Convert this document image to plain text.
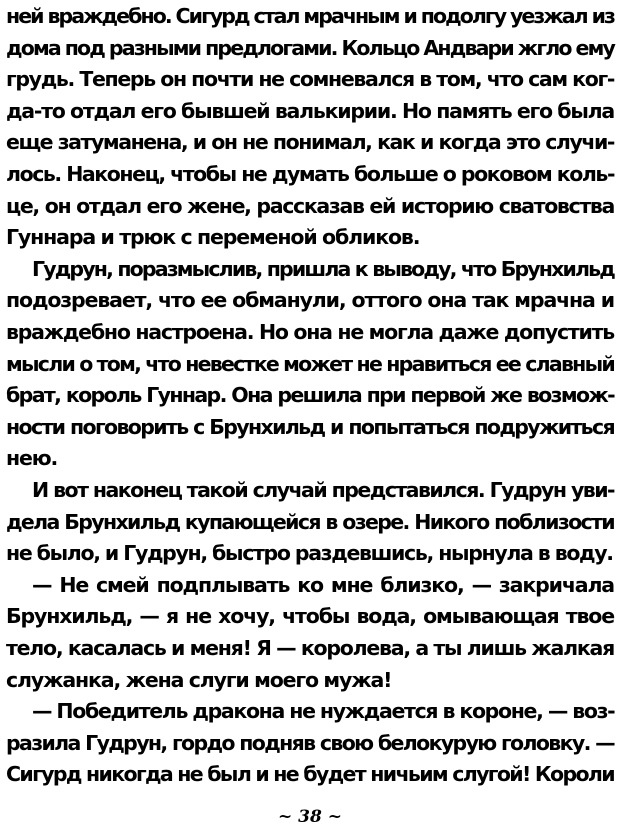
ней враждебно. Сигурд стал мрачным и подолгу уезжал из
дома под разными предлогами. Кольцо Андвари жгло ему
грудь. Теперь он почти не сомневался в том, что сам ког-
да-то отдал его бывшей валькирии. Но память его была
еще затуманена, и он не понимал, как и когда это случи-
лось. Наконец, чтобы не думать больше о роковом коль-
це, он отдал его жене, рассказав ей историю сватовства
Гуннара и трюк с переменой обликов.
Гудрун, поразмыслив, пришла к выводу, что Брунхильд
подозревает, что ее обманули, оттого она так мрачна и
враждебно настроена. Но она не могла даже допустить
мысли о том, что невестке может не нравиться ее славный
брат, король Гуннар. Она решила при первой же возмож-
ности поговорить с Брунхильд и попытаться подружиться
нею.
И вот наконец такой случай представился. Гудрун уви-
дела Брунхильд купающейся в озере. Никого поблизости
не было, и Гудрун, быстро раздевшись, нырнула в воду.
— Не смей подплывать ко мне близко, — закричала
Брунхильд, — я не хочу, чтобы вода, омывающая твое
тело, касалась и меня! Я — королева, а ты лишь жалкая
служанка, жена слуги моего мужа!
— Победитель дракона не нуждается в короне, — воз-
разила Гудрун, гордо подняв свою белокурую головку. —
Сигурд никогда не был и не будет ничьим слугой! Короли
~ 38 ~
